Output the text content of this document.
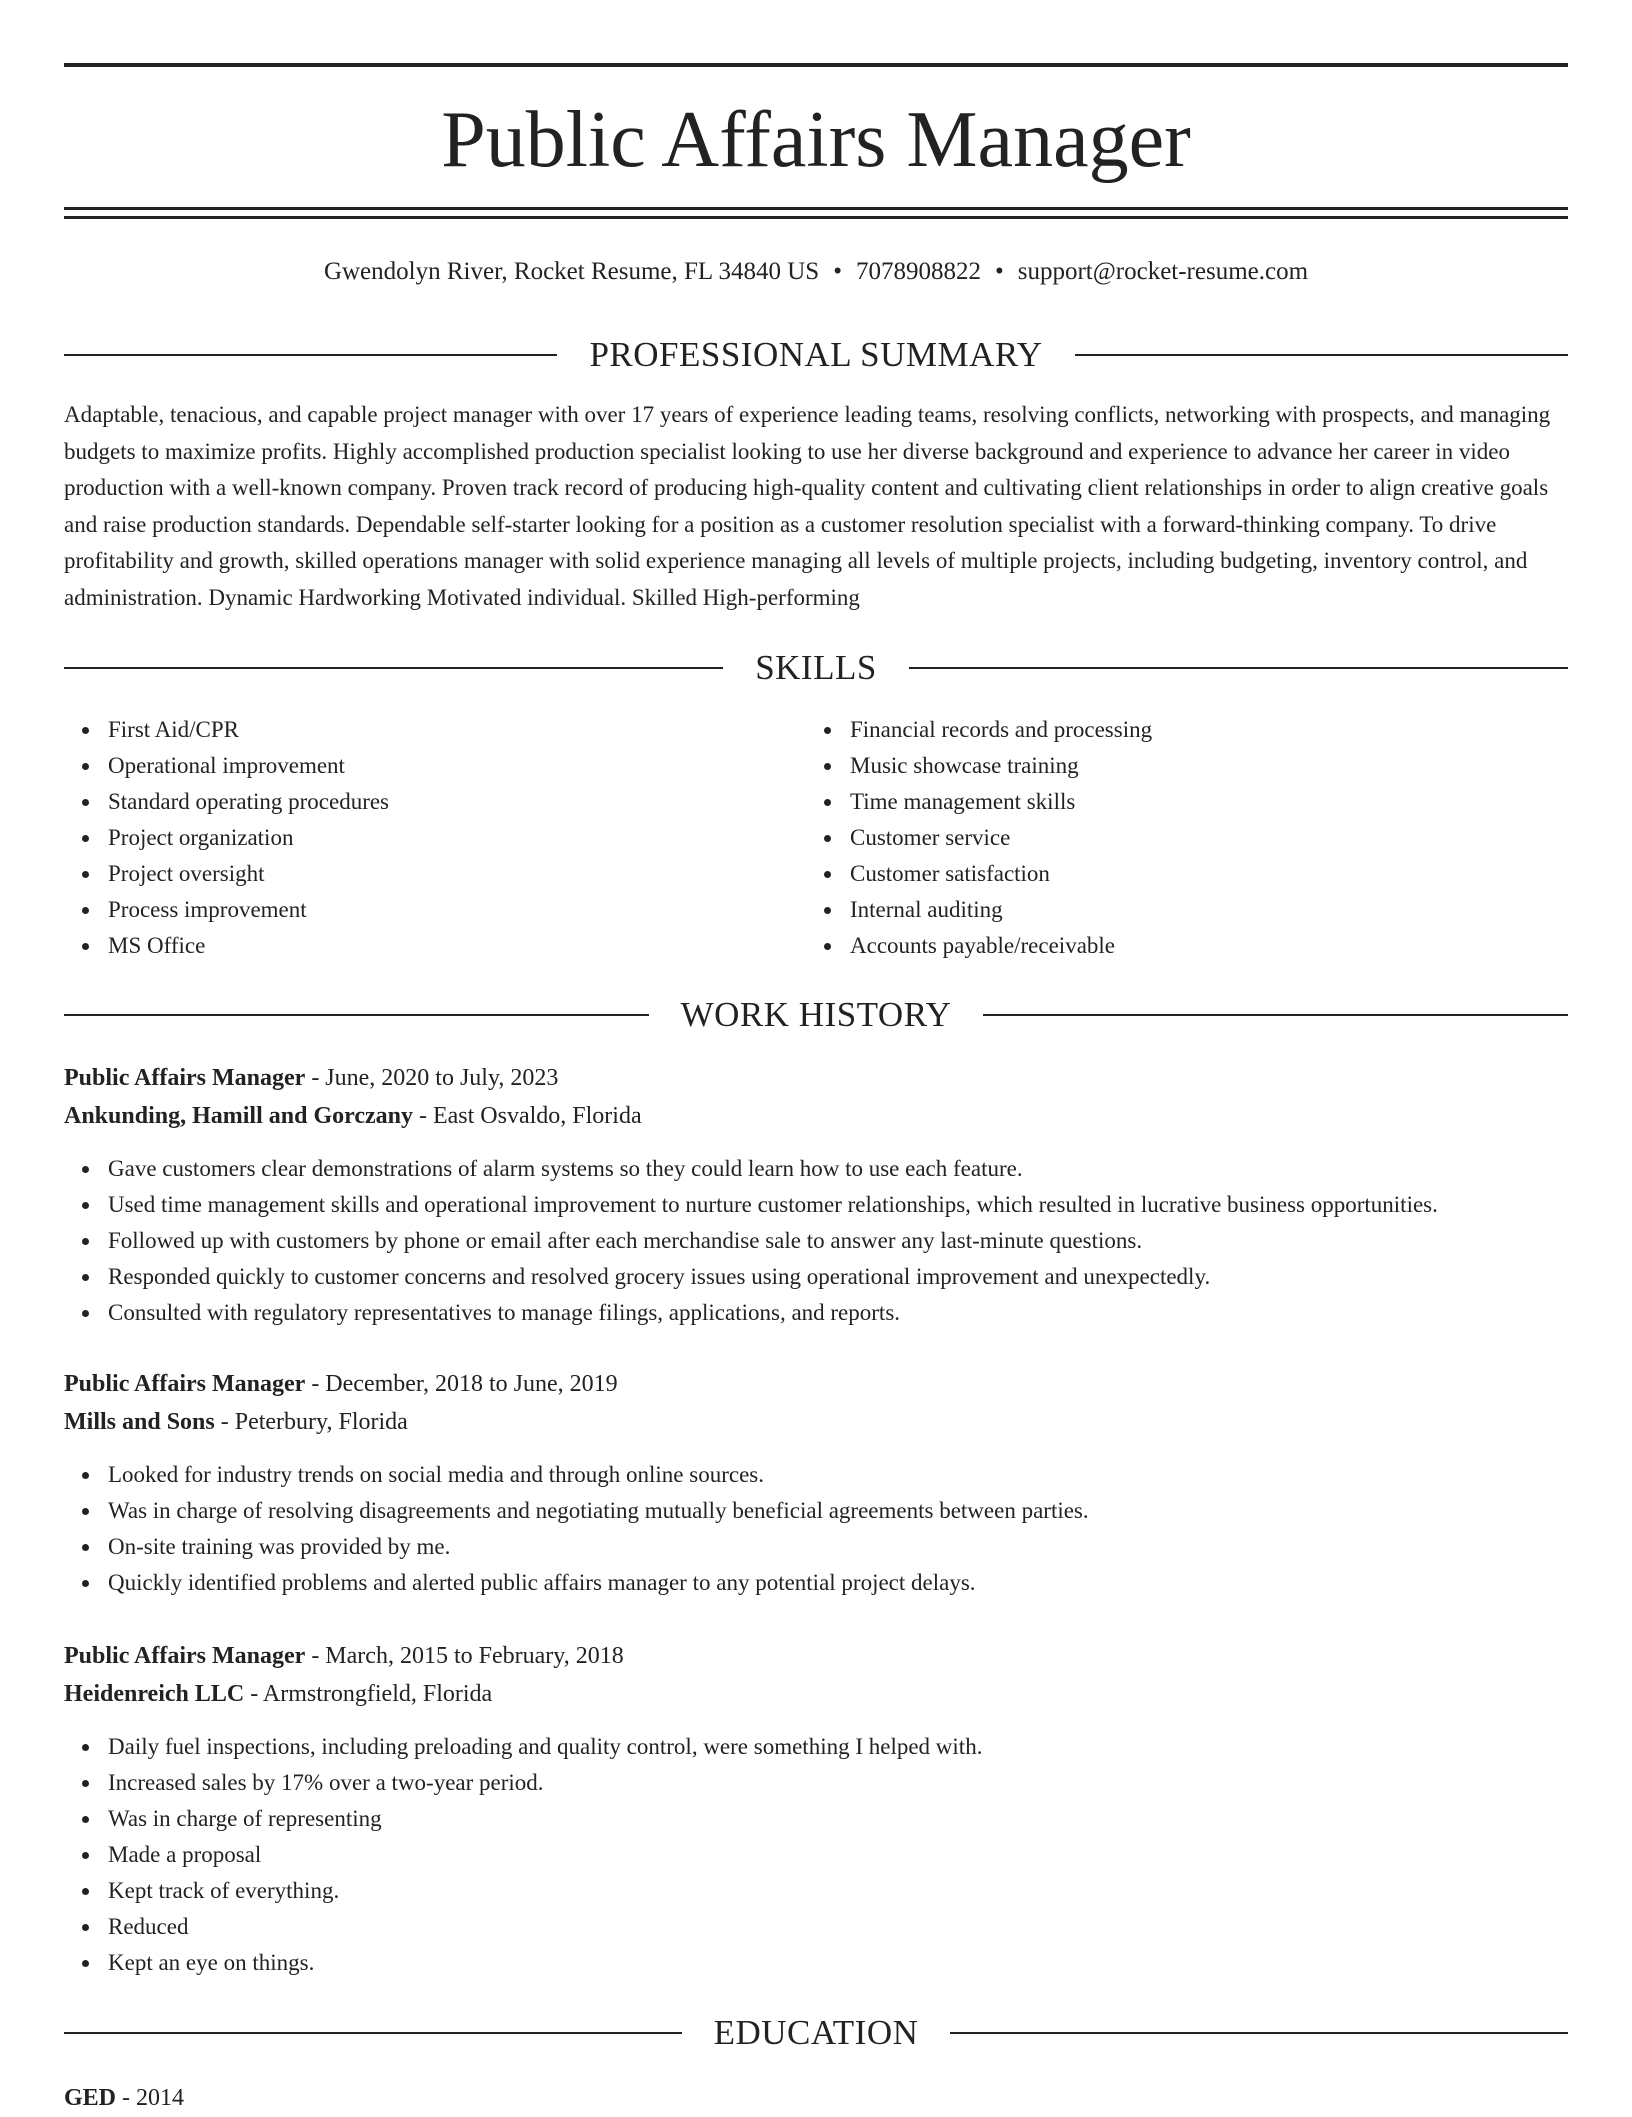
Public Affairs Manager
Gwendolyn River, Rocket Resume, FL 34840 US • 7078908822 • support@rocket-resume.com
PROFESSIONAL SUMMARY

Adaptable, tenacious, and capable project manager with over 17 years of experience leading teams, resolving conflicts, networking with prospects, and managing budgets to maximize profits. Highly accomplished production specialist looking to use her diverse background and experience to advance her career in video production with a well-known company. Proven track record of producing high-quality content and cultivating client relationships in order to align creative goals and raise production standards. Dependable self-starter looking for a position as a customer resolution specialist with a forward-thinking company. To drive profitability and growth, skilled operations manager with solid experience managing all levels of multiple projects, including budgeting, inventory control, and administration. Dynamic Hardworking Motivated individual. Skilled High-performing

SKILLS
First Aid/CPR
Operational improvement
Standard operating procedures
Project organization
Project oversight
Process improvement
MS Office
Financial records and processing
Music showcase training
Time management skills
Customer service
Customer satisfaction
Internal auditing
Accounts payable/receivable
WORK HISTORY
Public Affairs Manager - June, 2020 to July, 2023
Ankunding, Hamill and Gorczany - East Osvaldo, Florida
Gave customers clear demonstrations of alarm systems so they could learn how to use each feature.
Used time management skills and operational improvement to nurture customer relationships, which resulted in lucrative business opportunities.
Followed up with customers by phone or email after each merchandise sale to answer any last-minute questions.
Responded quickly to customer concerns and resolved grocery issues using operational improvement and unexpectedly.
Consulted with regulatory representatives to manage filings, applications, and reports.
Public Affairs Manager - December, 2018 to June, 2019
Mills and Sons - Peterbury, Florida
Looked for industry trends on social media and through online sources.
Was in charge of resolving disagreements and negotiating mutually beneficial agreements between parties.
On-site training was provided by me.
Quickly identified problems and alerted public affairs manager to any potential project delays.
Public Affairs Manager - March, 2015 to February, 2018
Heidenreich LLC - Armstrongfield, Florida
Daily fuel inspections, including preloading and quality control, were something I helped with.
Increased sales by 17% over a two-year period.
Was in charge of representing
Made a proposal
Kept track of everything.
Reduced
Kept an eye on things.
EDUCATION
GED - 2014
